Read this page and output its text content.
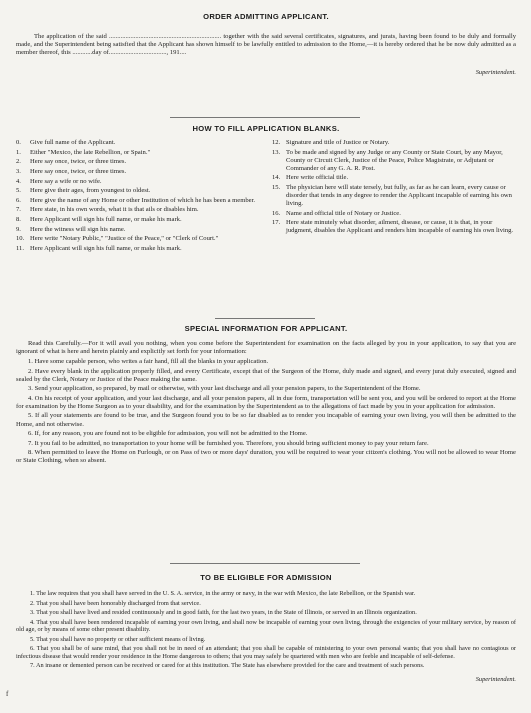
ORDER ADMITTING APPLICANT.

The application of the said .................................................................... together with the said several certificates, signatures, and jurats, having been found to be duly and formally made, and the Superintendent being satisfied that the Applicant has shown himself to be lawfully entitled to admission to the Home,—it is hereby ordered that he be now duly admitted as a member thereof, this ............day of..................................., 191....

Superintendent.
HOW TO FILL APPLICATION BLANKS.
0.	Give full name of the Applicant.
1.	Either "Mexico, the late Rebellion, or Spain."
2.	Here say once, twice, or three times.
3.	Here say once, twice, or three times.
4.	Here say a wife or no wife.
5.	Here give their ages, from youngest to oldest.
6.	Here give the name of any Home or other Institution of which he has been a member.
7.	Here state, in his own words, what it is that ails or disables him.
8.	Here Applicant will sign his full name, or make his mark.
9.	Here the witness will sign his name.
10. Here write "Notary Public," "Justice of the Peace," or "Clerk of Court."
11. Here Applicant will sign his full name, or make his mark.
12. Signature and title of Justice or Notary.
13. To be made and signed by any Judge or any County or State Court, by any Mayor, County or Circuit Clerk, Justice of the Peace, Police Magistrate, or Adjutant or Commander of any G. A. R. Post.
14. Here write official title.
15. The physician here will state tersely, but fully, as far as he can learn, every cause or disorder that tends in any degree to render the Applicant incapable of earning his own living.
16. Name and official title of Notary or Justice.
17. Here state minutely what disorder, ailment, disease, or cause, it is that, in your judgment, disables the Applicant and renders him incapable of earning his own living.
SPECIAL INFORMATION FOR APPLICANT.

Read this Carefully.—For it will avail you nothing, when you come before the Superintendent for examination on the facts alleged by you in your application, to say that you are ignorant of what is here and herein plainly and explicitly set forth for your information:

1. Have some capable person, who writes a fair hand, fill all the blanks in your application.

2. Have every blank in the application properly filled, and every Certificate, except that of the Surgeon of the Home, duly made and signed, and every jurat duly executed, signed and sealed by the Clerk, Notary or Justice of the Peace making the same.

3. Send your application, so prepared, by mail or otherwise, with your last discharge and all your pension papers, to the Superintendent of the Home.

4. On his receipt of your application, and your last discharge, and all your pension papers, all in due form, transportation will be sent you, and you will be ordered to report at the Home for examination by the Home Surgeon as to your disability, and for the examination by the Superintendent as to the allegations of fact made by you in your application for admission.

5. If all your statements are found to be true, and the Surgeon found you to be so far disabled as to render you incapable of earning your own living, you will then be admitted to the Home, and not otherwise.

6. If, for any reason, you are found not to be eligible for admission, you will not be admitted to the Home.

7. It you fail to be admitted, no transportation to your home will be furnished you. Therefore, you should bring sufficient money to pay your return fare.

8. When permitted to leave the Home on Furlough, or on Pass of two or more days' duration, you will be required to wear your citizen's clothing. You will not be allowed to wear Home or State Clothing, when so absent.

TO BE ELIGIBLE FOR ADMISSION

1. The law requires that you shall have served in the U. S. A. service, in the army or navy, in the war with Mexico, the late Rebellion, or the Spanish war.

2. That you shall have been honorably discharged from that service.

3. That you shall have lived and resided continuously and in good faith, for the last two years, in the State of Illinois, or served in an Illinois organization.

4. That you shall have been rendered incapable of earning your own living, and shall now be incapable of earning your own living, through the exigencies of your military service, by reason of old age, or by means of some other present disability.

5. That you shall have no property or other sufficient means of living.

6. That you shall be of sane mind, that you shall not be in need of an attendant; that you shall be capable of ministering to your own personal wants; that you shall have no contagious or infectious disease that would render your residence in the Home dangerous to others; that you may safely be quartered with men who are feeble and incapable of self-defense.

7. An insane or demented person can be received or cared for at this institution. The State has elsewhere provided for the care and treatment of such persons.

Superintendent.
f
